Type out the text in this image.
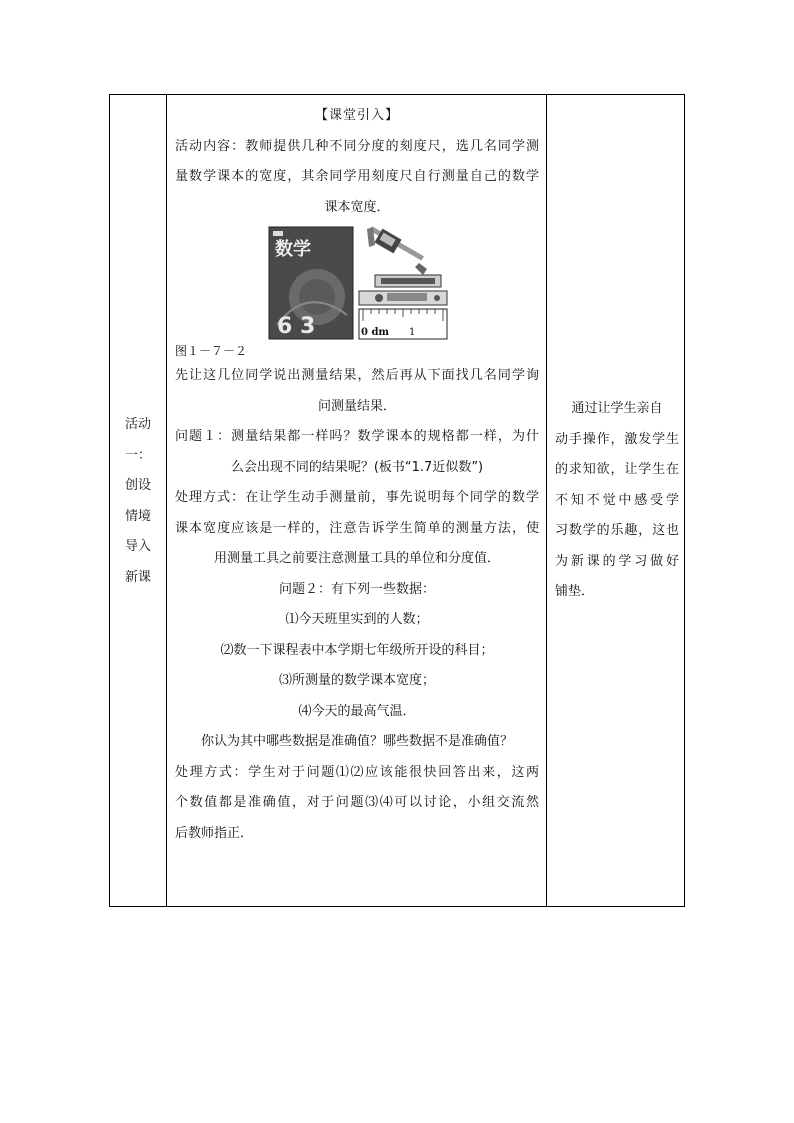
活动
一：
创设
情境
导入
新课
【课堂引入】
活动内容：教师提供几种不同分度的刻度尺，选几名同学测
量数学课本的宽度，其余同学用刻度尺自行测量自己的数学
课本宽度．
数学
6 3	0 dm 1
图１－７－２
先让这几位同学说出测量结果，然后再从下面找几名同学询
问测量结果．
问题１：测量结果都一样吗？数学课本的规格都一样，为什
么会出现不同的结果呢？(板书“1.7近似数”)
处理方式：在让学生动手测量前，事先说明每个同学的数学
课本宽度应该是一样的，注意告诉学生简单的测量方法，使
用测量工具之前要注意测量工具的单位和分度值．
问题２：有下列一些数据：
⑴今天班里实到的人数；
⑵数一下课程表中本学期七年级所开设的科目；
⑶所测量的数学课本宽度；
⑷今天的最高气温．
你认为其中哪些数据是准确值？哪些数据不是准确值？
处理方式：学生对于问题⑴⑵应该能很快回答出来，这两
个数值都是准确值，对于问题⑶⑷可以讨论，小组交流然
后教师指正．
通过让学生亲自
动手操作，激发学生
的求知欲，让学生在
不知不觉中感受学
习数学的乐趣，这也
为新课的学习做好
铺垫．
